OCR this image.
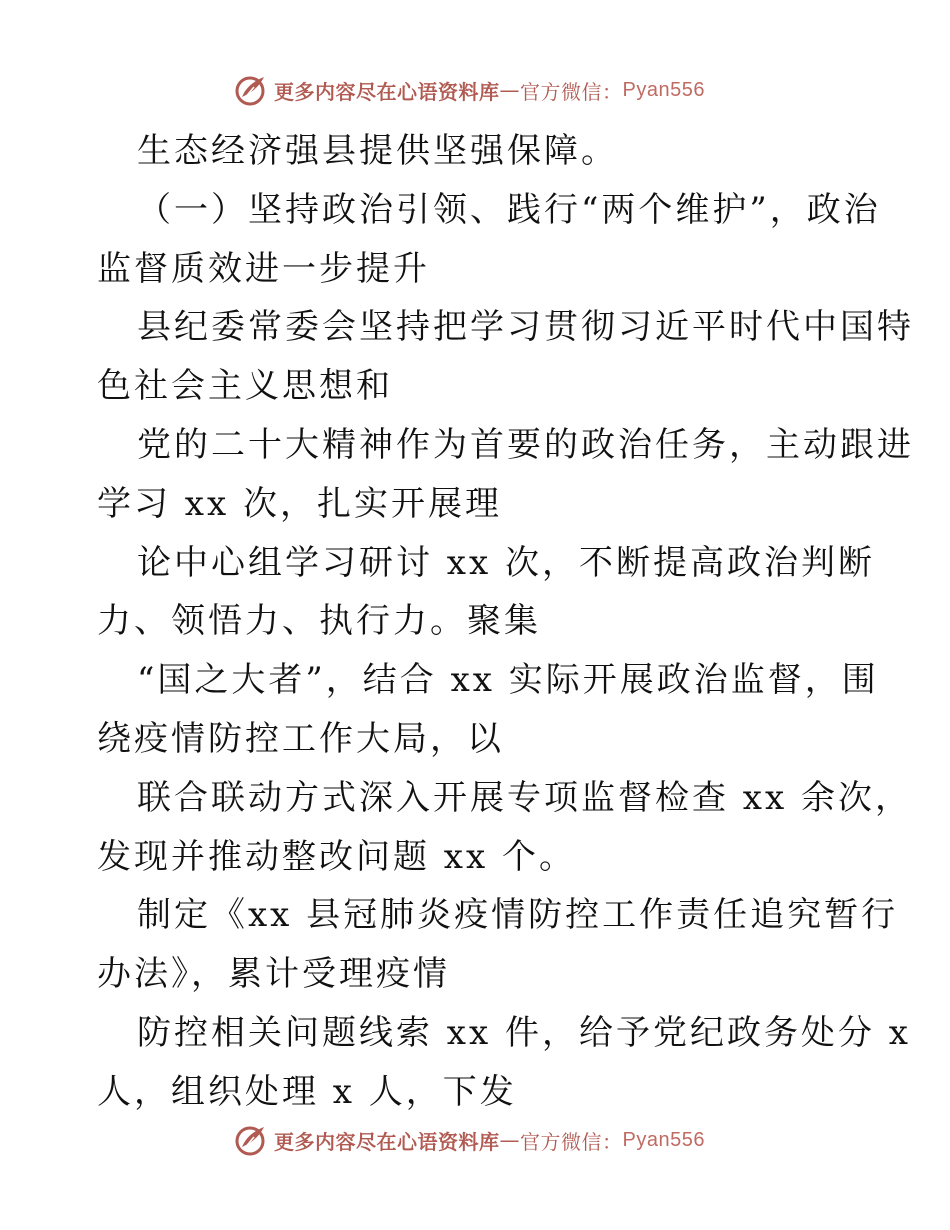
更多内容尽在心语资料库 — 官方微信： Pyan556
生态经济强县提供坚强保障。
（一）坚持政治引领、践行“两个维护”，政治
监督质效进一步提升
县纪委常委会坚持把学习贯彻习近平时代中国特
色社会主义思想和
党的二十大精神作为首要的政治任务，主动跟进
学习 xx 次，扎实开展理
论中心组学习研讨 xx 次，不断提高政治判断
力、领悟力、执行力。聚集
“国之大者”，结合 xx 实际开展政治监督，围
绕疫情防控工作大局，以
联合联动方式深入开展专项监督检查 xx 余次，
发现并推动整改问题 xx 个。
制定《xx 县冠肺炎疫情防控工作责任追究暂行
办法》，累计受理疫情
防控相关问题线索 xx 件，给予党纪政务处分 x
人，组织处理 x 人，下发
更多内容尽在心语资料库 — 官方微信： Pyan556
